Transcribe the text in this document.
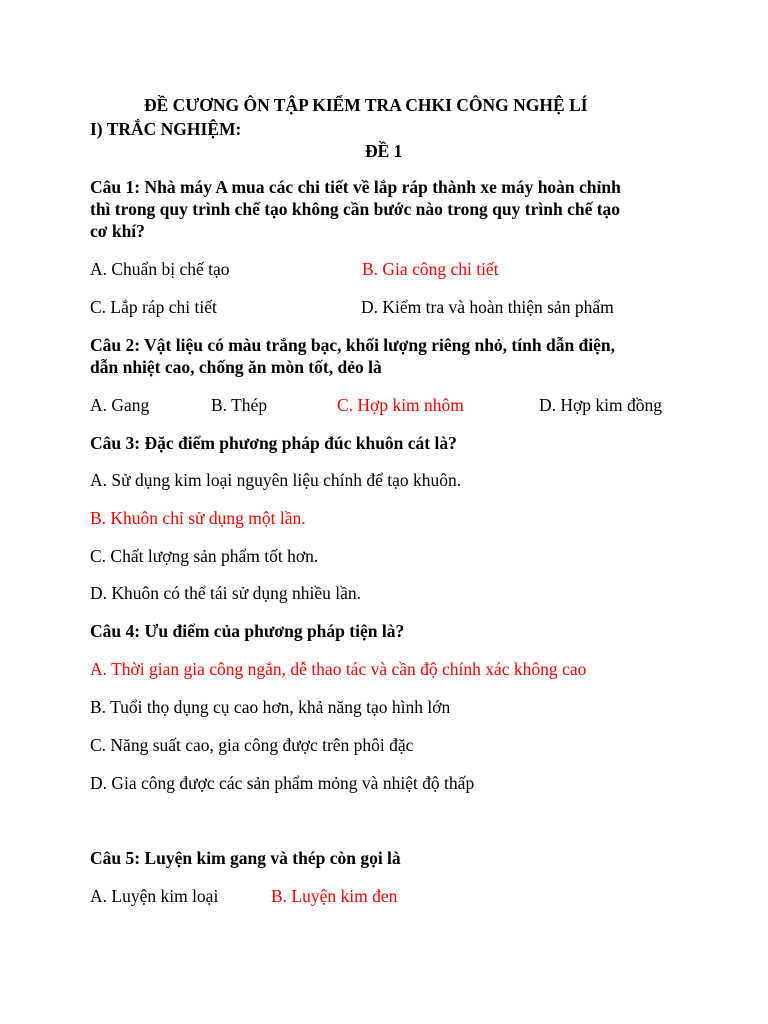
ĐỀ CƯƠNG ÔN TẬP KIỂM TRA CHKI CÔNG NGHỆ LÍ
I) TRẮC NGHIỆM:
ĐỀ 1
Câu 1: Nhà máy A mua các chi tiết về lắp ráp thành xe máy hoàn chỉnh
thì trong quy trình chế tạo không cần bước nào trong quy trình chế tạo
cơ khí?
A. Chuẩn bị chế tạo	B. Gia công chi tiết
C. Lắp ráp chi tiết	D. Kiểm tra và hoàn thiện sản phẩm
Câu 2: Vật liệu có màu trắng bạc, khối lượng riêng nhỏ, tính dẫn điện,
dẫn nhiệt cao, chống ăn mòn tốt, dẻo là
A. Gang	B. Thép	C. Hợp kim nhôm	D. Hợp kim đồng
Câu 3: Đặc điểm phương pháp đúc khuôn cát là?
A. Sử dụng kim loại nguyên liệu chính để tạo khuôn.
B. Khuôn chỉ sử dụng một lần.
C. Chất lượng sản phẩm tốt hơn.
D. Khuôn có thể tái sử dụng nhiều lần.
Câu 4: Ưu điểm của phương pháp tiện là?
A. Thời gian gia công ngắn, dễ thao tác và cần độ chính xác không cao
B. Tuổi thọ dụng cụ cao hơn, khả năng tạo hình lớn
C. Năng suất cao, gia công được trên phôi đặc
D. Gia công được các sản phẩm mỏng và nhiệt độ thấp
Câu 5: Luyện kim gang và thép còn gọi là
A. Luyện kim loại	B. Luyện kim đen
